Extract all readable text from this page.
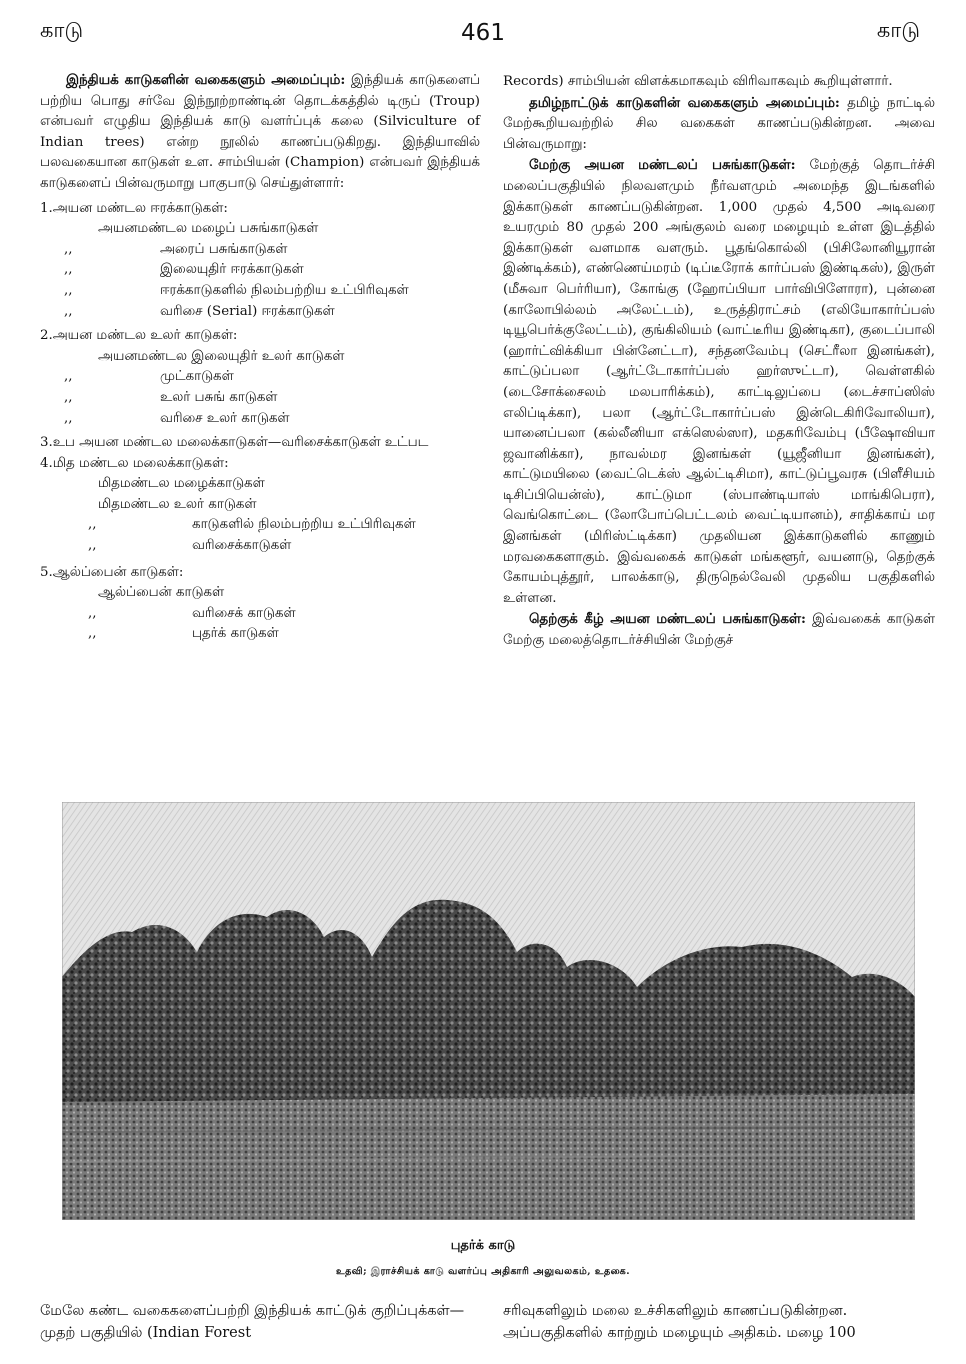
காடு	461	காடு

இந்தியக் காடுகளின் வகைகளும் அமைப்பும்: இந்தியக் காடுகளைப் பற்றிய பொது சர்வே இந்நூற்றாண்டின் தொடக்கத்தில் டிருப் (Troup) என்பவர் எழுதிய இந்தியக் காடு வளர்ப்புக் கலை (Silviculture of Indian trees) என்ற நூலில் காணப்படுகிறது. இந்தியாவில் பலவகையான காடுகள் உள. சாம்பியன் (Champion) என்பவர் இந்தியக் காடுகளைப் பின்வருமாறு பாகுபாடு செய்துள்ளார்:

1.அயன மண்டல ஈரக்காடுகள்:
அயனமண்டல மழைப் பசுங்காடுகள்
,,	அரைப் பசுங்காடுகள்
,,	இலையுதிர் ஈரக்காடுகள்
,,	ஈரக்காடுகளில் நிலம்பற்றிய உட்பிரிவுகள்
,,	வரிசை (Serial) ஈரக்காடுகள்
2.அயன மண்டல உலர் காடுகள்:
அயனமண்டல இலையுதிர் உலர் காடுகள்
,,	முட்காடுகள்
,,	உலர் பசுங் காடுகள்
,,	வரிசை உலர் காடுகள்
3. உப அயன மண்டல மலைக்காடுகள்—வரிசைக்காடுகள் உட்பட
4.மித மண்டல மலைக்காடுகள்:
மிதமண்டல மழைக்காடுகள்
மிதமண்டல உலர் காடுகள்
,,	காடுகளில் நிலம்பற்றிய உட்பிரிவுகள்
,,	வரிசைக்காடுகள்
5.ஆல்ப்பைன் காடுகள்:
ஆல்ப்பைன் காடுகள்
,,	வரிசைக் காடுகள்
,,	புதர்க் காடுகள்

Records) சாம்பியன் விளக்கமாகவும் விரிவாகவும் கூறியுள்ளார்.

தமிழ்நாட்டுக் காடுகளின் வகைகளும் அமைப்பும்: தமிழ் நாட்டில் மேற்கூறியவற்றில் சில வகைகள் காணப்படுகின்றன. அவை பின்வருமாறு:

மேற்கு அயன மண்டலப் பசுங்காடுகள்: மேற்குத் தொடர்ச்சி மலைப்பகுதியில் நிலவளமும் நீர்வளமும் அமைந்த இடங்களில் இக்காடுகள் காணப்படுகின்றன. 1,000 முதல் 4,500 அடிவரை உயரமும் 80 முதல் 200 அங்குலம் வரை மழையும் உள்ள இடத்தில் இக்காடுகள் வளமாக வளரும். பூதங்கொல்லி (பிசிலோனியூரான் இண்டிக்கம்), எண்ணெய்மரம் (டிப்டீரோக் கார்ப்பஸ் இண்டிகஸ்), இருள் (மீசுவா பெர்ரியா), கோங்கு (ஹோப்பியா பார்விபிளோரா), புன்னை (காலோபில்லம் அலேட்டம்), உருத்திராட்சம் (எலியோகார்ப்பஸ் டியூபெர்க்குலேட்டம்), குங்கிலியம் (வாட்டீரிய இண்டிகா), குடைப்பாலி (ஹார்ட்விக்கியா பின்னேட்டா), சந்தனவேம்பு (செட்ரீலா இனங்கள்), காட்டுப்பலா (ஆர்ட்டோகார்ப்பஸ் ஹர்ஸுட்டா), வெள்ளகில் (டைசோக்சைலம் மலபாரிக்கம்), காட்டிலுப்பை (டைச்சாப்ஸிஸ் எலிப்டிக்கா), பலா (ஆர்ட்டோகார்ப்பஸ் இன்டெகிரிவோலியா), யானைப்பலா (கல்லீனியா எக்ஸெல்ஸா), மதகரிவேம்பு (பீஷோவியா ஜவானிக்கா), நாவல்மர இனங்கள் (யூஜீனியா இனங்கள்), காட்டுமயிலை (வைட்டெக்ஸ் ஆல்ட்டிசிமா), காட்டுப்பூவரசு (பிளீசியம் டிசிப்பியென்ஸ்), காட்டுமா (ஸ்பாண்டியாஸ் மாங்கிபெரா), வெங்கொட்டை (லோபோப்பெட்டலம் வைட்டியானம்), சாதிக்காய் மர இனங்கள் (மிரிஸ்ட்டிக்கா) முதலியன இக்காடுகளில் காணும் மரவகைகளாகும். இவ்வகைக் காடுகள் மங்களூர், வயனாடு, தெற்குக் கோயம்புத்தூர், பாலக்காடு, திருநெல்வேலி முதலிய பகுதிகளில் உள்ளன.

தெற்குக் கீழ் அயன மண்டலப் பசுங்காடுகள்: இவ்வகைக் காடுகள் மேற்கு மலைத்தொடர்ச்சியின் மேற்குச்

புதர்க் காடு
உதவி; இராச்சியக் காடு வளர்ப்பு அதிகாரி அலுவலகம், உதகை.

மேலே கண்ட வகைகளைப்பற்றி இந்தியக் காட்டுக் குறிப்புக்கள்—முதற் பகுதியில் (Indian Forest

சரிவுகளிலும் மலை உச்சிகளிலும் காணப்படுகின்றன. அப்பகுதிகளில் காற்றும் மழையும் அதிகம். மழை 100
